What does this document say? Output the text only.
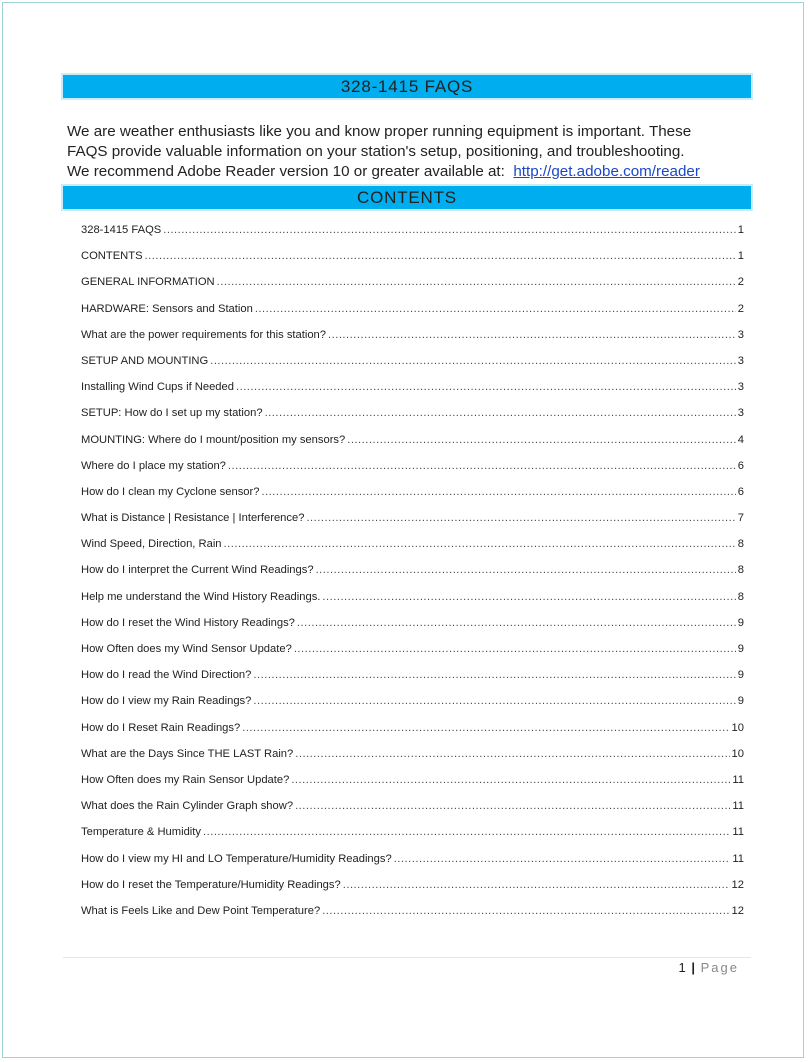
328-1415 FAQS
We are weather enthusiasts like you and know proper running equipment is important. These
FAQS provide valuable information on your station's setup, positioning, and troubleshooting.
We recommend Adobe Reader version 10 or greater available at: http://get.adobe.com/reader
CONTENTS
328-1415 FAQS .....	1
CONTENTS .....	1
GENERAL INFORMATION .....	2
HARDWARE: Sensors and Station .....	2
What are the power requirements for this station? .....	3
SETUP AND MOUNTING .....	3
Installing Wind Cups if Needed .....	3
SETUP: How do I set up my station? .....	3
MOUNTING: Where do I mount/position my sensors? .....	4
Where do I place my station? .....	6
How do I clean my Cyclone sensor? .....	6
What is Distance | Resistance | Interference? .....	7
Wind Speed, Direction, Rain .....	8
How do I interpret the Current Wind Readings? .....	8
Help me understand the Wind History Readings. .....	8
How do I reset the Wind History Readings? .....	9
How Often does my Wind Sensor Update? .....	9
How do I read the Wind Direction? .....	9
How do I view my Rain Readings? .....	9
How do I Reset Rain Readings? .....	10
What are the Days Since THE LAST Rain? .....	10
How Often does my Rain Sensor Update? .....	11
What does the Rain Cylinder Graph show? .....	11
Temperature & Humidity .....	11
How do I view my HI and LO Temperature/Humidity Readings? .....	11
How do I reset the Temperature/Humidity Readings? .....	12
What is Feels Like and Dew Point Temperature? .....	12
1 | Page
